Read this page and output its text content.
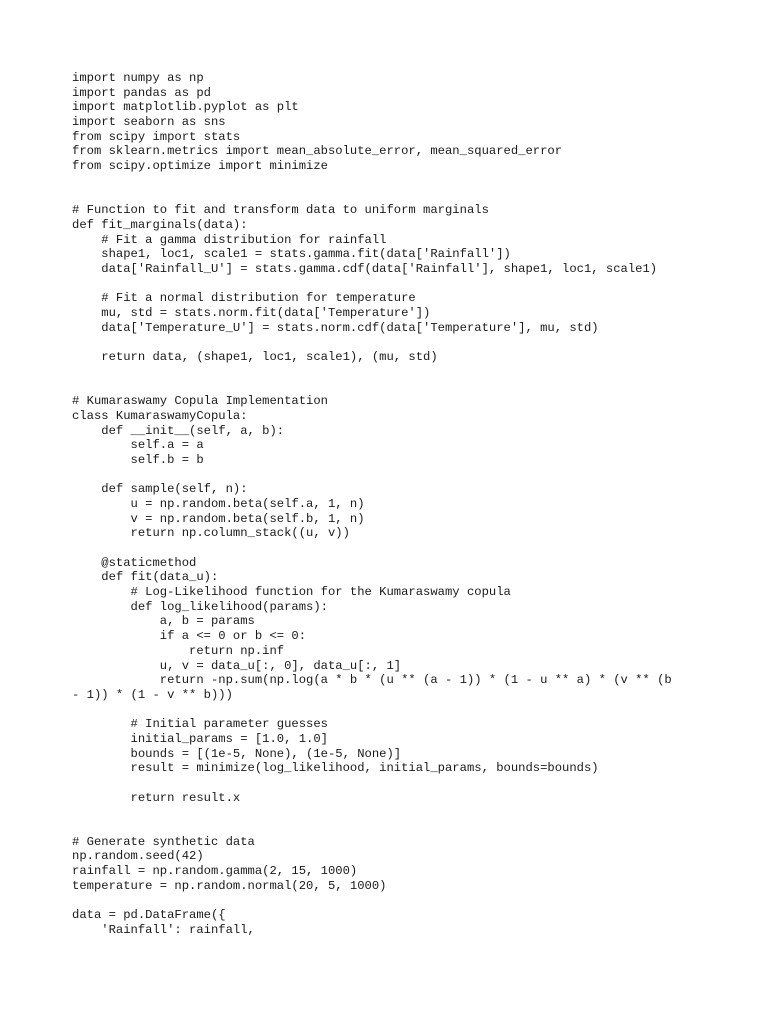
import numpy as np
import pandas as pd
import matplotlib.pyplot as plt
import seaborn as sns
from scipy import stats
from sklearn.metrics import mean_absolute_error, mean_squared_error
from scipy.optimize import minimize

# Function to fit and transform data to uniform marginals
def fit_marginals(data):
# Fit a gamma distribution for rainfall
shape1, loc1, scale1 = stats.gamma.fit(data['Rainfall'])
data['Rainfall_U'] = stats.gamma.cdf(data['Rainfall'], shape1, loc1, scale1)

# Fit a normal distribution for temperature
mu, std = stats.norm.fit(data['Temperature'])
data['Temperature_U'] = stats.norm.cdf(data['Temperature'], mu, std)

return data, (shape1, loc1, scale1), (mu, std)

# Kumaraswamy Copula Implementation
class KumaraswamyCopula:
def __init__(self, a, b):
self.a = a
self.b = b

def sample(self, n):
u = np.random.beta(self.a, 1, n)
v = np.random.beta(self.b, 1, n)
return np.column_stack((u, v))

@staticmethod
def fit(data_u):
# Log-Likelihood function for the Kumaraswamy copula
def log_likelihood(params):
a, b = params
if a <= 0 or b <= 0:
return np.inf
u, v = data_u[:, 0], data_u[:, 1]
return -np.sum(np.log(a * b * (u ** (a - 1)) * (1 - u ** a) * (v ** (b
- 1)) * (1 - v ** b)))

# Initial parameter guesses
initial_params = [1.0, 1.0]
bounds = [(1e-5, None), (1e-5, None)]
result = minimize(log_likelihood, initial_params, bounds=bounds)

return result.x

# Generate synthetic data
np.random.seed(42)
rainfall = np.random.gamma(2, 15, 1000)
temperature = np.random.normal(20, 5, 1000)

data = pd.DataFrame({
'Rainfall': rainfall,
